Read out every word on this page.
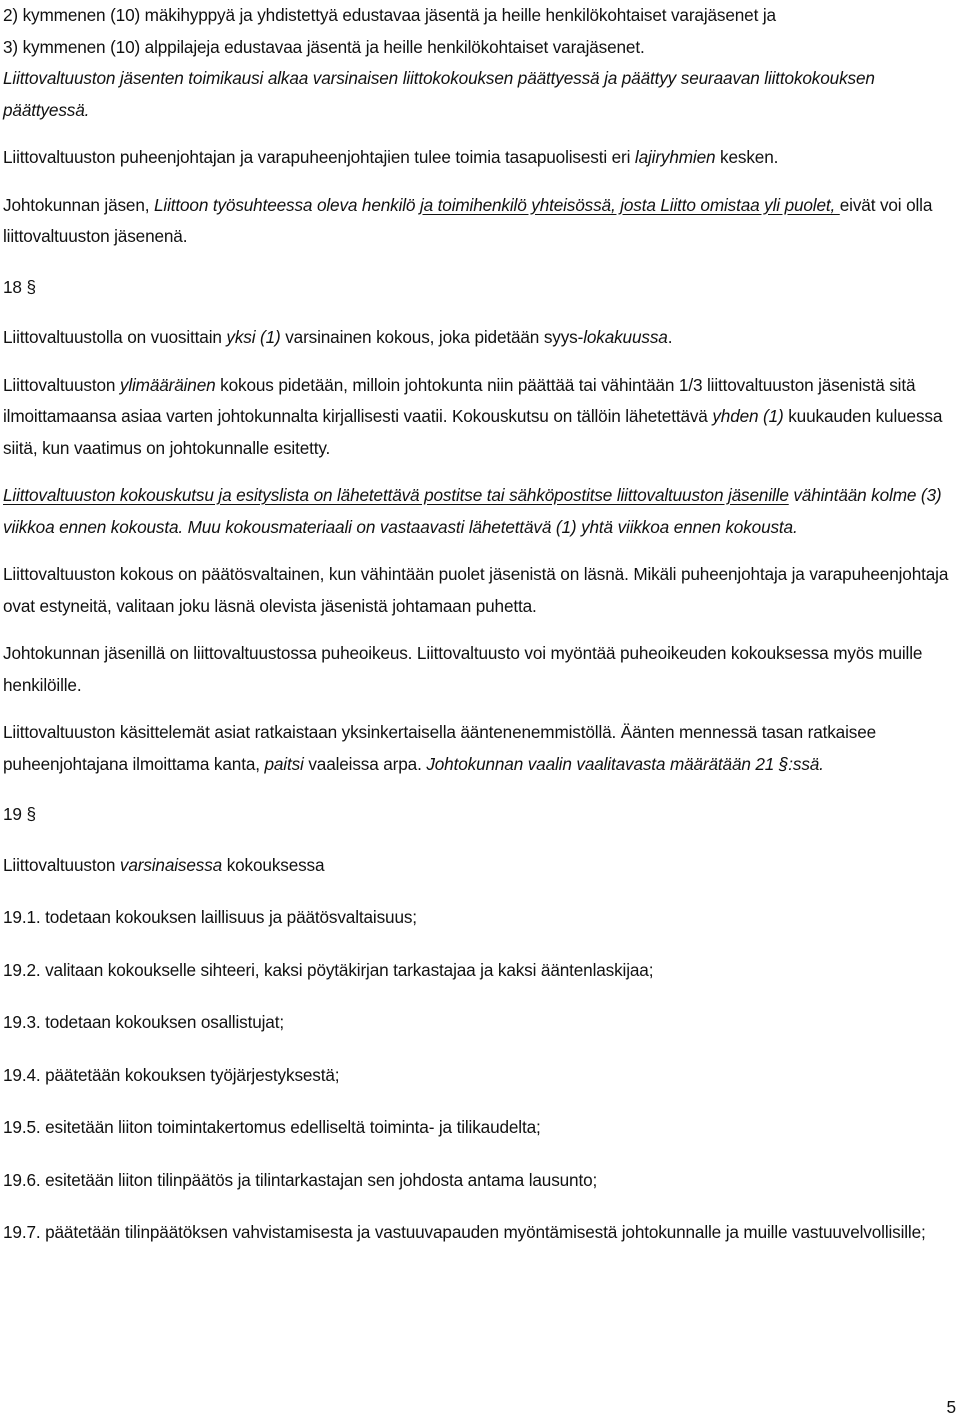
2) kymmenen (10) mäkihyppyä ja yhdistettyä edustavaa jäsentä ja heille henkilökohtaiset varajäsenet ja

3) kymmenen (10) alppilajeja edustavaa jäsentä ja heille henkilökohtaiset varajäsenet.

Liittovaltuuston jäsenten toimikausi alkaa varsinaisen liittokokouksen päättyessä ja päättyy seuraavan liittokokouksen päättyessä.

Liittovaltuuston puheenjohtajan ja varapuheenjohtajien tulee toimia tasapuolisesti eri lajiryhmien kesken.

Johtokunnan jäsen, Liittoon työsuhteessa oleva henkilö ja toimihenkilö yhteisössä, josta Liitto omistaa yli puolet, eivät voi olla liittovaltuuston jäsenenä.

18 §

Liittovaltuustolla on vuosittain yksi (1) varsinainen kokous, joka pidetään syys-lokakuussa.

Liittovaltuuston ylimääräinen kokous pidetään, milloin johtokunta niin päättää tai vähintään 1/3 liittovaltuuston jäsenistä sitä ilmoittamaansa asiaa varten johtokunnalta kirjallisesti vaatii. Kokouskutsu on tällöin lähetettävä yhden (1) kuukauden kuluessa siitä, kun vaatimus on johtokunnalle esitetty.

Liittovaltuuston kokouskutsu ja esityslista on lähetettävä postitse tai sähköpostitse liittovaltuuston jäsenille vähintään kolme (3) viikkoa ennen kokousta. Muu kokousmateriaali on vastaavasti lähetettävä (1) yhtä viikkoa ennen kokousta.

Liittovaltuuston kokous on päätösvaltainen, kun vähintään puolet jäsenistä on läsnä. Mikäli puheenjohtaja ja varapuheenjohtaja ovat estyneitä, valitaan joku läsnä olevista jäsenistä johtamaan puhetta.

Johtokunnan jäsenillä on liittovaltuustossa puheoikeus. Liittovaltuusto voi myöntää puheoikeuden kokouksessa myös muille henkilöille.

Liittovaltuuston käsittelemät asiat ratkaistaan yksinkertaisella ääntenenemmistöllä. Äänten mennessä tasan ratkaisee puheenjohtajana ilmoittama kanta, paitsi vaaleissa arpa. Johtokunnan vaalin vaalitavasta määrätään 21 §:ssä.

19 §

Liittovaltuuston varsinaisessa kokouksessa

19.1. todetaan kokouksen laillisuus ja päätösvaltaisuus;

19.2. valitaan kokoukselle sihteeri, kaksi pöytäkirjan tarkastajaa ja kaksi ääntenlaskijaa;

19.3. todetaan kokouksen osallistujat;

19.4. päätetään kokouksen työjärjestyksestä;

19.5. esitetään liiton toimintakertomus edelliseltä toiminta- ja tilikaudelta;

19.6. esitetään liiton tilinpäätös ja tilintarkastajan sen johdosta antama lausunto;

19.7. päätetään tilinpäätöksen vahvistamisesta ja vastuuvapauden myöntämisestä johtokunnalle ja muille vastuuvelvollisille;

5
